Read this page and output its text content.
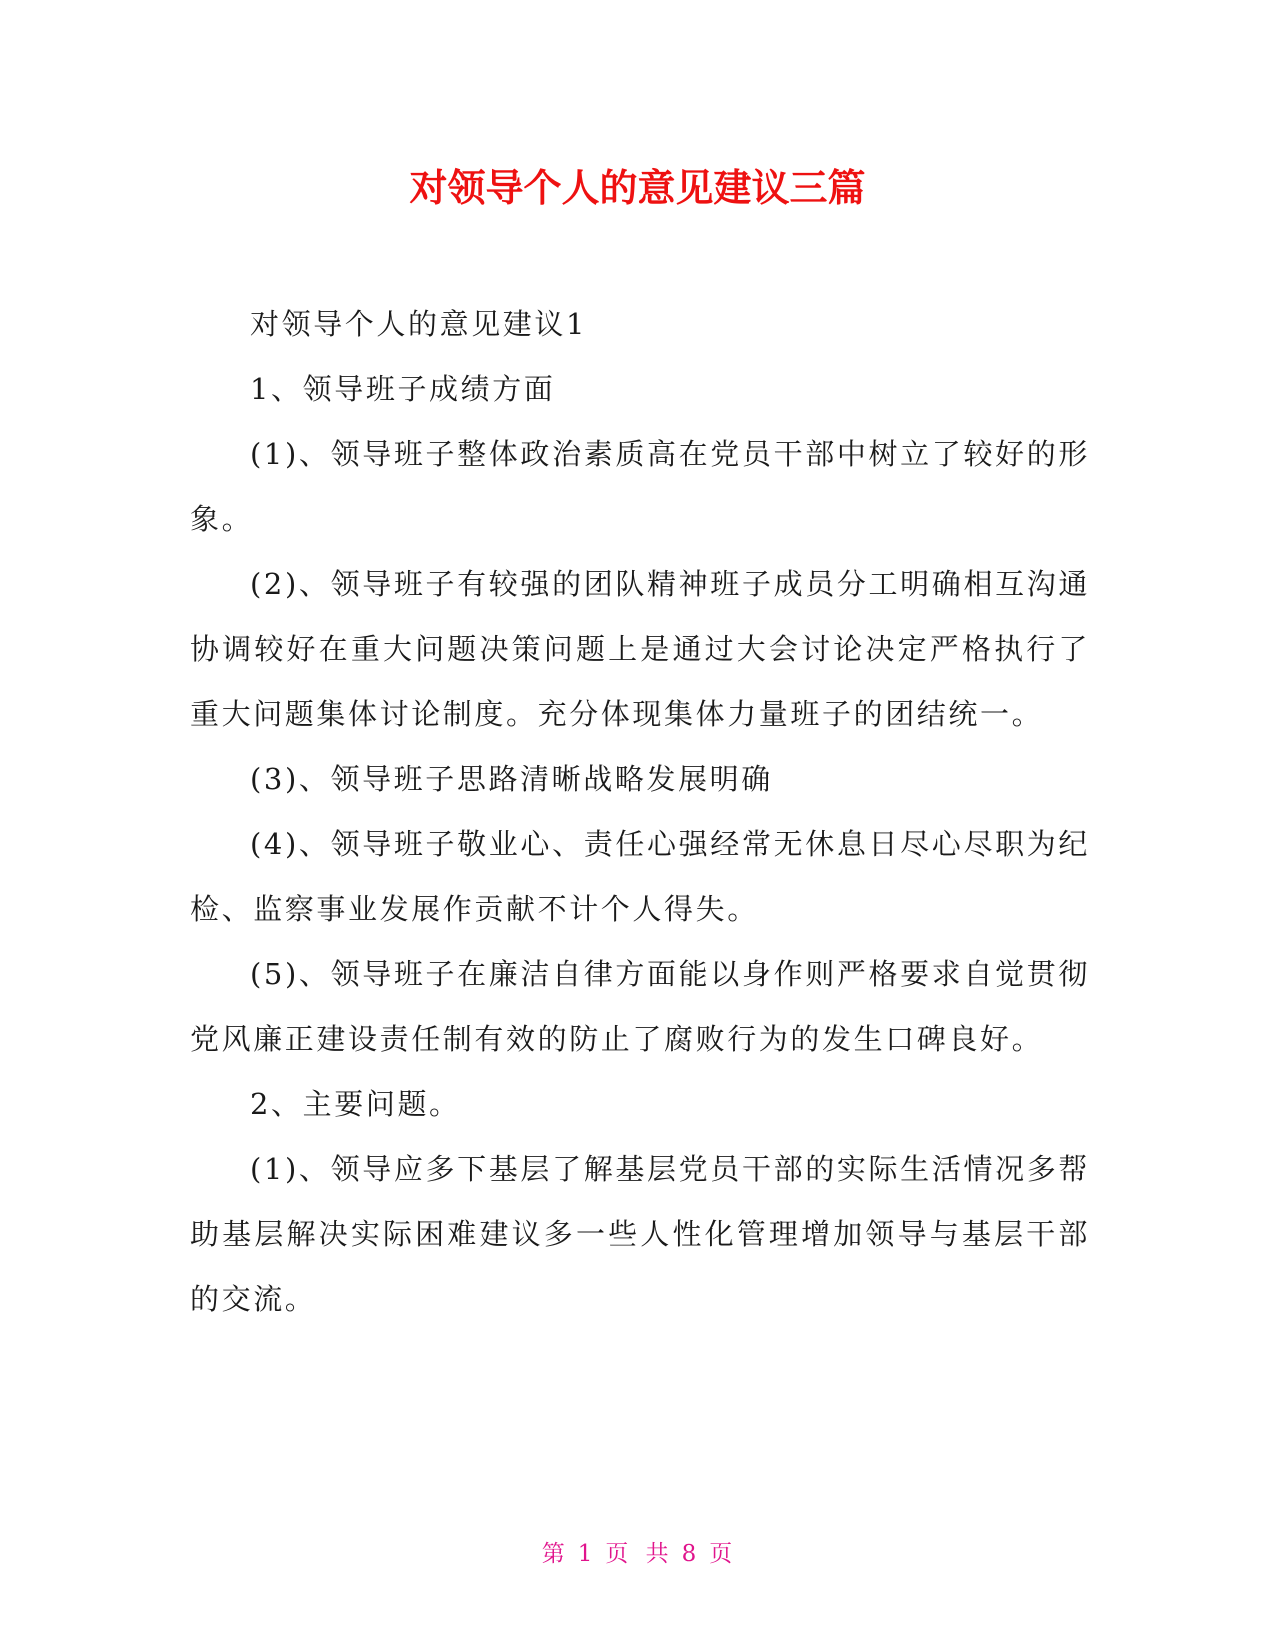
对领导个人的意见建议三篇

对领导个人的意见建议1

1、领导班子成绩方面

(1)、领导班子整体政治素质高在党员干部中树立了较好的形象。

(2)、领导班子有较强的团队精神班子成员分工明确相互沟通协调较好在重大问题决策问题上是通过大会讨论决定严格执行了重大问题集体讨论制度。充分体现集体力量班子的团结统一。

(3)、领导班子思路清晰战略发展明确

(4)、领导班子敬业心、责任心强经常无休息日尽心尽职为纪检、监察事业发展作贡献不计个人得失。

(5)、领导班子在廉洁自律方面能以身作则严格要求自觉贯彻党风廉正建设责任制有效的防止了腐败行为的发生口碑良好。

2、主要问题。

(1)、领导应多下基层了解基层党员干部的实际生活情况多帮助基层解决实际困难建议多一些人性化管理增加领导与基层干部的交流。

第 1 页 共 8 页
